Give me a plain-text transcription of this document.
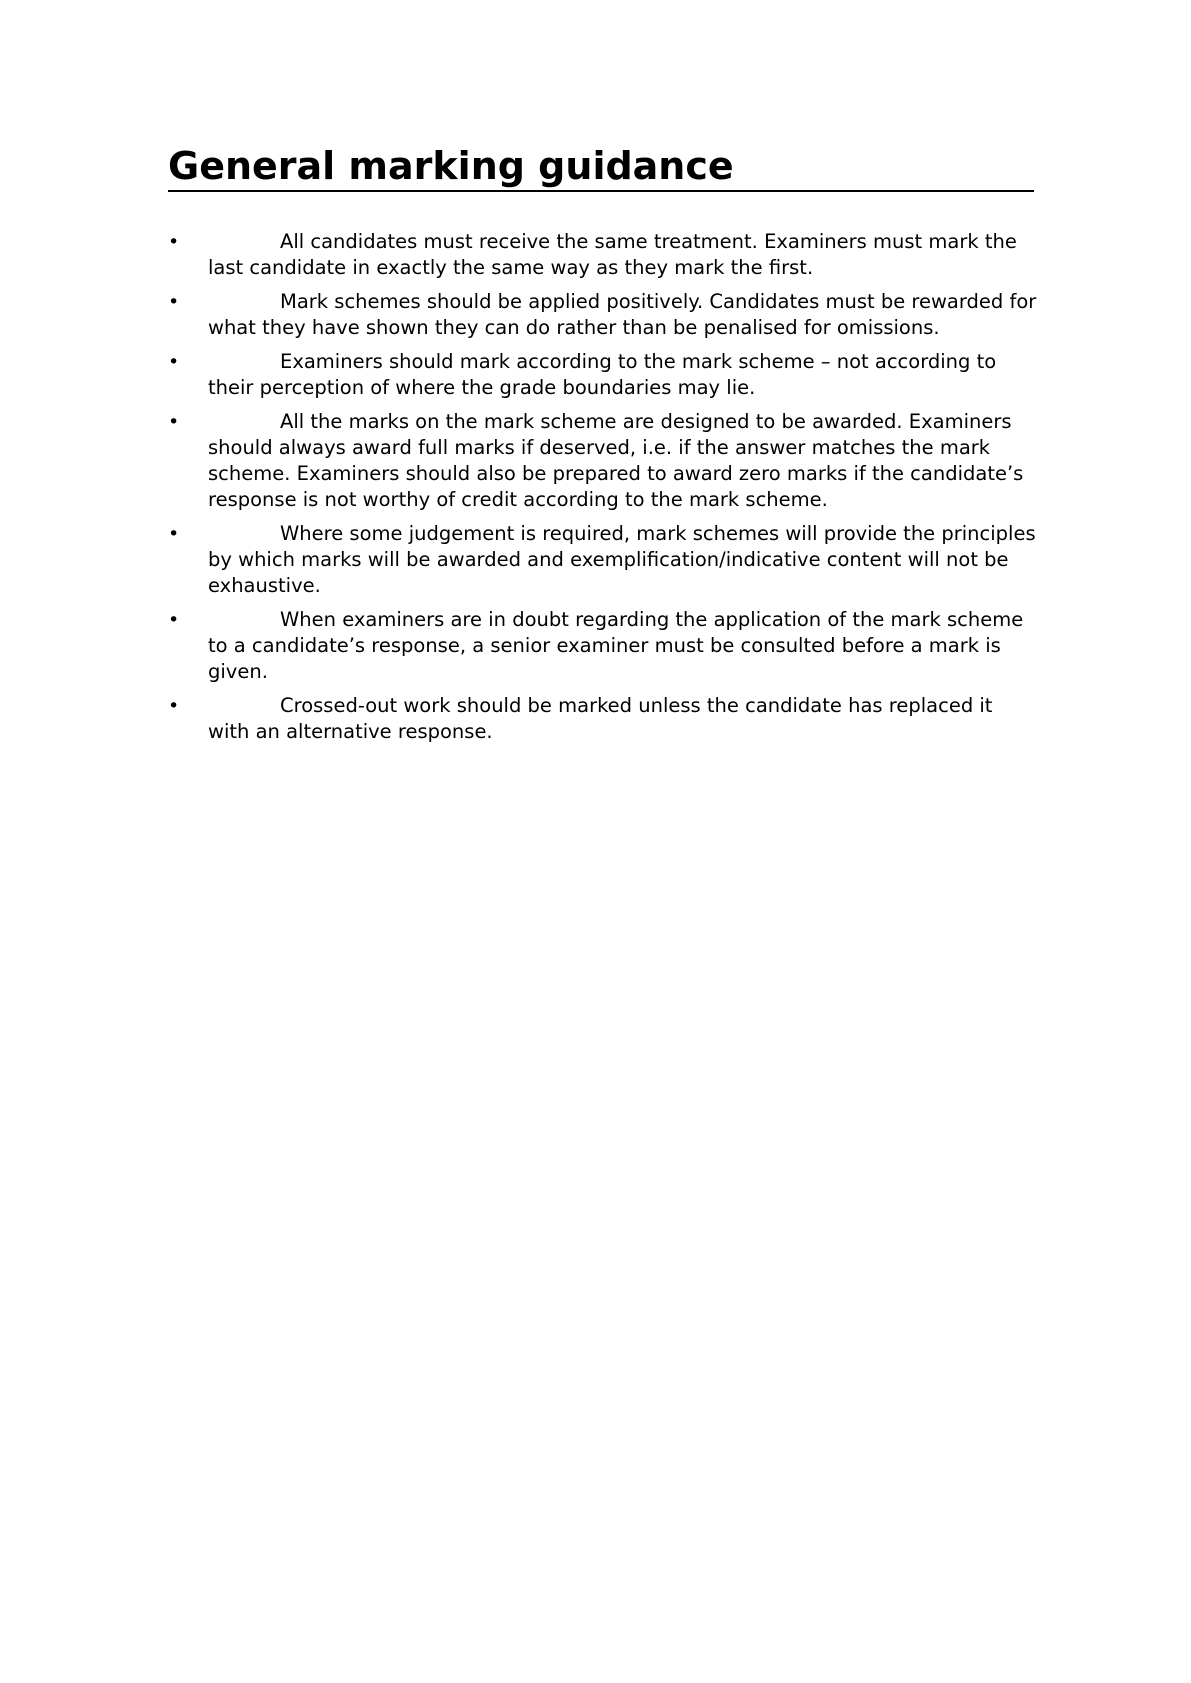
General marking guidance
•	All candidates must receive the same treatment. Examiners must mark the last candidate in exactly the same way as they mark the first.
•	Mark schemes should be applied positively. Candidates must be rewarded for what they have shown they can do rather than be penalised for omissions.
•	Examiners should mark according to the mark scheme – not according to their perception of where the grade boundaries may lie.
•	All the marks on the mark scheme are designed to be awarded. Examiners should always award full marks if deserved, i.e. if the answer matches the mark scheme. Examiners should also be prepared to award zero marks if the candidate’s response is not worthy of credit according to the mark scheme.
•	Where some judgement is required, mark schemes will provide the principles by which marks will be awarded and exemplification/indicative content will not be exhaustive.
•	When examiners are in doubt regarding the application of the mark scheme to a candidate’s response, a senior examiner must be consulted before a mark is given.
•	Crossed-out work should be marked unless the candidate has replaced it with an alternative response.
